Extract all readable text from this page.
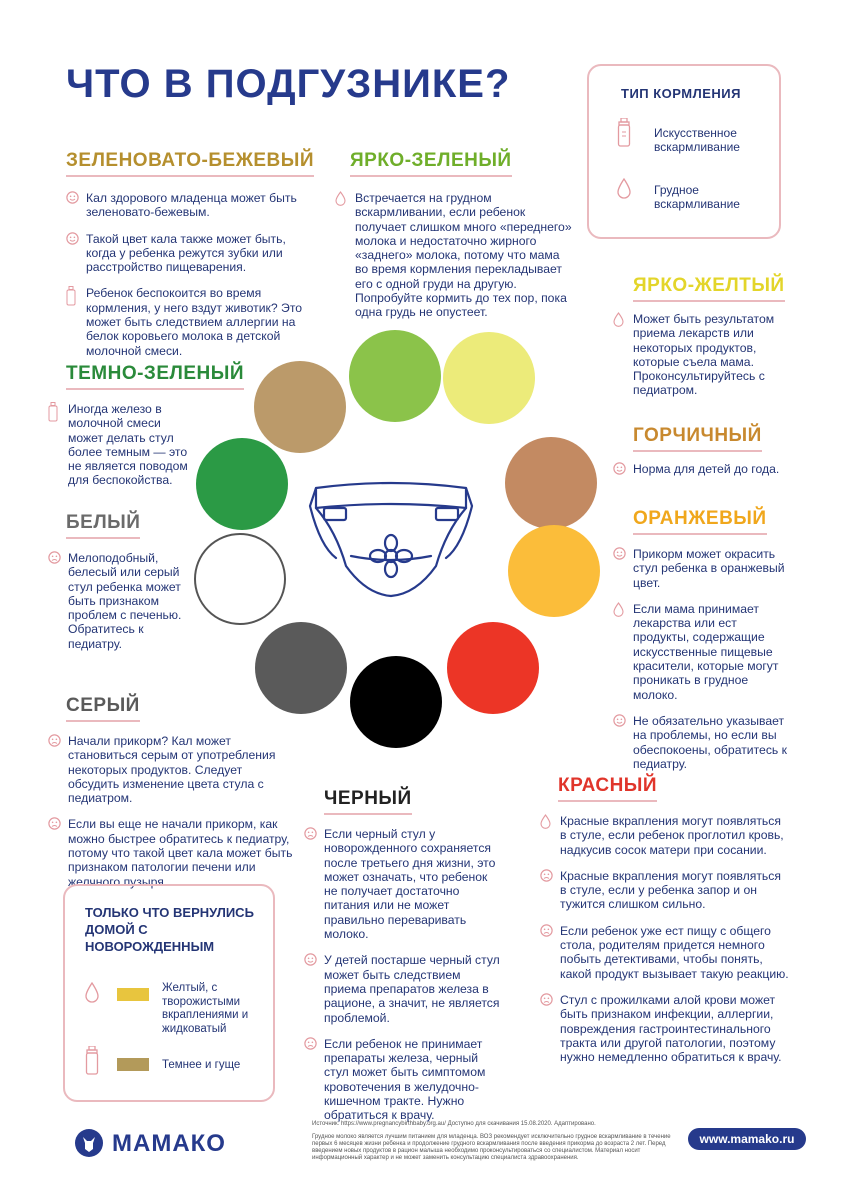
ЧТО В ПОДГУЗНИКЕ?	ТИП КОРМЛЕНИЯ
Искусственное вскармливание
Грудное вскармливание
ЗЕЛЕНОВАТО-БЕЖЕВЫЙ
Кал здорового младенца может быть зеленовато-бежевым.
Такой цвет кала также может быть, когда у ребенка режутся зубки или расстройство пищеварения.
Ребенок беспокоится во время кормления, у него вздут животик? Это может быть следствием аллергии на белок коровьего молока в детской молочной смеси.
ЯРКО-ЗЕЛЕНЫЙ
Встречается на грудном вскармливании, если ребенок получает слишком много «переднего» молока и недостаточно жирного «заднего» молока, потому что мама во время кормления перекладывает его с одной груди на другую. Попробуйте кормить до тех пор, пока одна грудь не опустеет.
ЯРКО-ЖЕЛТЫЙ
Может быть результатом приема лекарств или некоторых продуктов, которые съела мама. Проконсультируйтесь с педиатром.
ГОРЧИЧНЫЙ
Норма для детей до года.
ОРАНЖЕВЫЙ
Прикорм может окрасить стул ребенка в оранжевый цвет.
Если мама принимает лекарства или ест продукты, содержащие искусственные пищевые красители, которые могут проникать в грудное молоко.
Не обязательно указывает на проблемы, но если вы обеспокоены, обратитесь к педиатру.
ТЕМНО-ЗЕЛЕНЫЙ
Иногда железо в молочной смеси может делать стул более темным — это не является поводом для беспокойства.
БЕЛЫЙ
Мелоподобный, белесый или серый стул ребенка может быть признаком проблем с печенью. Обратитесь к педиатру.
СЕРЫЙ
Начали прикорм? Кал может становиться серым от употребления некоторых продуктов. Следует обсудить изменение цвета стула с педиатром.
Если вы еще не начали прикорм, как можно быстрее обратитесь к педиатру, потому что такой цвет кала может быть признаком патологии печени или желчного пузыря.
ЧЕРНЫЙ
Если черный стул у новорожденного сохраняется после третьего дня жизни, это может означать, что ребенок не получает достаточно питания или не может правильно переваривать молоко.
У детей постарше черный стул может быть следствием приема препаратов железа в рационе, а значит, не является проблемой.
Если ребенок не принимает препараты железа, черный стул может быть симптомом кровотечения в желудочно-кишечном тракте. Нужно обратиться к врачу.
КРАСНЫЙ
Красные вкрапления могут появляться в стуле, если ребенок проглотил кровь, надкусив сосок матери при сосании.
Красные вкрапления могут появляться в стуле, если у ребенка запор и он тужится слишком сильно.
Если ребенок уже ест пищу с общего стола, родителям придется немного побыть детективами, чтобы понять, какой продукт вызывает такую реакцию.
Стул с прожилками алой крови может быть признаком инфекции, аллергии, повреждения гастроинтестинального тракта или другой патологии, поэтому нужно немедленно обратиться к врачу.
ТОЛЬКО ЧТО ВЕРНУЛИСЬ ДОМОЙ С НОВОРОЖДЕННЫМ
Желтый, с творожистыми вкраплениями и жидковатый
Темнее и гуще
МАМАКО
Источник: https://www.pregnancybirthbaby.org.au/ Доступно для скачивания 15.08.2020. Адаптировано.
Грудное молоко является лучшим питанием для младенца. ВОЗ рекомендует исключительно грудное вскармливание в течение первых 6 месяцев жизни ребенка и продолжение грудного вскармливания после введения прикорма до возраста 2 лет. Перед введением новых продуктов в рацион малыша необходимо проконсультироваться со специалистом. Материал носит информационный характер и не может заменить консультацию специалиста здравоохранения.
www.mamako.ru
